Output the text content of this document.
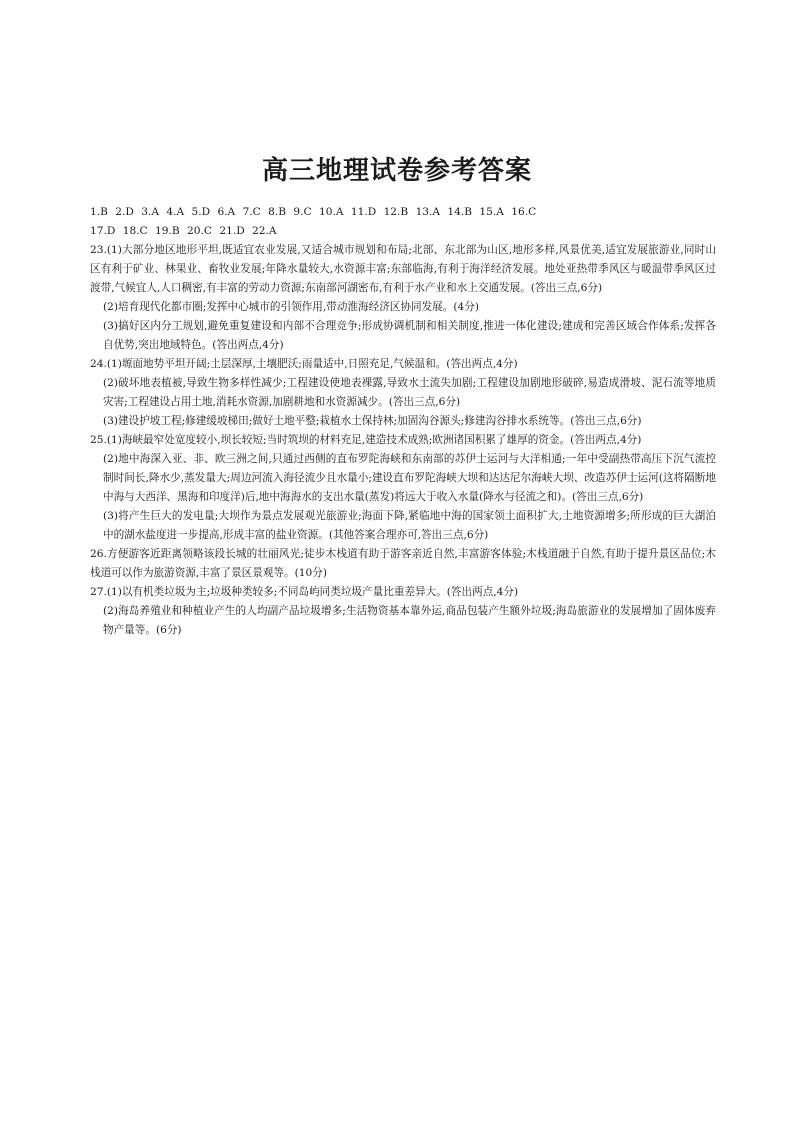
高三地理试卷参考答案

1.B 2.D 3.A 4.A 5.D 6.A 7.C 8.B 9.C 10.A 11.D 12.B 13.A 14.B 15.A 16.C

17.D 18.C 19.B 20.C 21.D 22.A

23.(1)大部分地区地形平坦,既适宜农业发展,又适合城市规划和布局;北部、东北部为山区,地形多样,风景优美,适宜发展旅游业,同时山区有利于矿业、林果业、畜牧业发展;年降水量较大,水资源丰富;东部临海,有利于海洋经济发展。地处亚热带季风区与暖温带季风区过渡带,气候宜人,人口稠密,有丰富的劳动力资源;东南部河湖密布,有利于水产业和水上交通发展。(答出三点,6分)

(2)培育现代化都市圈;发挥中心城市的引领作用,带动淮海经济区协同发展。(4分)

(3)搞好区内分工规划,避免重复建设和内部不合理竞争;形成协调机制和相关制度,推进一体化建设;建成和完善区域合作体系;发挥各自优势,突出地域特色。(答出两点,4分)

24.(1)塬面地势平坦开阔;土层深厚,土壤肥沃;雨量适中,日照充足,气候温和。(答出两点,4分)

(2)破坏地表植被,导致生物多样性减少;工程建设使地表裸露,导致水土流失加剧;工程建设加剧地形破碎,易造成滑坡、泥石流等地质灾害;工程建设占用土地,消耗水资源,加剧耕地和水资源减少。(答出三点,6分)

(3)建设护坡工程;修建缓坡梯田;做好土地平整;栽植水土保持林;加固沟谷源头;修建沟谷排水系统等。(答出三点,6分)

25.(1)海峡最窄处宽度较小,坝长较短;当时筑坝的材料充足,建造技术成熟;欧洲诸国积累了雄厚的资金。(答出两点,4分)

(2)地中海深入亚、非、欧三洲之间,只通过西侧的直布罗陀海峡和东南部的苏伊士运河与大洋相通;一年中受副热带高压下沉气流控制时间长,降水少,蒸发量大;周边河流入海径流少且水量小;建设直布罗陀海峡大坝和达达尼尔海峡大坝、改造苏伊士运河(这将隔断地中海与大西洋、黑海和印度洋)后,地中海海水的支出水量(蒸发)将远大于收入水量(降水与径流之和)。(答出三点,6分)

(3)将产生巨大的发电量;大坝作为景点发展观光旅游业;海面下降,紧临地中海的国家领土面积扩大,土地资源增多;所形成的巨大湖泊中的湖水盐度进一步提高,形成丰富的盐业资源。(其他答案合理亦可,答出三点,6分)

26.方便游客近距离领略该段长城的壮丽风光;徒步木栈道有助于游客亲近自然,丰富游客体验;木栈道融于自然,有助于提升景区品位;木栈道可以作为旅游资源,丰富了景区景观等。(10分)

27.(1)以有机类垃圾为主;垃圾种类较多;不同岛屿同类垃圾产量比重差异大。(答出两点,4分)

(2)海岛养殖业和种植业产生的人均副产品垃圾增多;生活物资基本靠外运,商品包装产生额外垃圾;海岛旅游业的发展增加了固体废弃物产量等。(6分)
